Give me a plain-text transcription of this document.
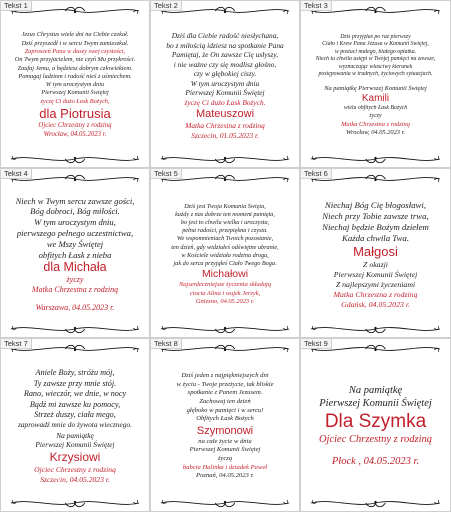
Tekst 1
Jezus Chrystus wiele dni na Ciebie czekał.
Dziś przyszedł i w sercu Twym zamieszkał.
Zaproszeń Pana w duszy swej czystości,
On Twym przyjacielem, nie czyń Mu przykrości.
Zaufaj Jemu, a będziesz dobrym człowiekiem.
Pomagaj ludziom i radość nieś z uśmiechem.
W tym uroczystym dniu
Pierwszej Komunii Świętej
życzę Ci dużo Łask Bożych,
dla Piotrusia
Ojciec Chrzestny z rodziną
Wrocław, 04.05.2023 r.
Tekst 2
Dziś dla Ciebie radość niesłychana,
bo z miłością idziesz na spotkanie Pana
Pamiętaj, że On zawsze Cię usłyszy,
i nie ważne czy się modlisz głośno,
czy w głębokiej ciszy.
W tym uroczystym dniu
Pierwszej Komunii Świętej
życzę Ci dużo Łask Bożych.
Mateuszowi
Matka Chrzestna z rodziną
Szczecin, 01.05.2023 r.
Tekst 3
Dziś przyjęłaś po raz pierwszy
Ciało i Krew Pana Jezusa w Komunii Świętej,
w postaci małego, białego opłatka.
Niech ta chwila ustępi w Twojej pamięci na zawsze,
wyznaczając właściwy kierunek
postępowania w trudnych, życiowych sytuacjach.
Na pamiątkę Pierwszej Komunii Świętej
Kamili
wielu obfitych Łask Bożych
życzy
Matka Chrzestna z rodziną
Wrocław, 04.05.2023 r.
Tekst 4
Niech w Twym sercu zawsze gości,
Bóg dobroci, Bóg miłości.
W tym uroczystym dniu,
pierwszego pełnego uczestnictwa,
we Mszy Świętej
obfitych Łask z nieba
dla Michała
życzy
Matka Chrzestna z rodziną
Warszawa, 04.05.2023 r.
Tekst 5
Dziś jest Twoja Komunia Święta,
każdy z nas dobrze ten moment pamięta,
bo jest to chwila wielka i uroczysta,
pełna radości, przepiękna i czysta.
We wspomnieniach Twoich pozostanie,
ten dzień, gdy widziałeś odświętne ubranie,
w Kościele widziała rodzina droga,
jak do serca przyjąłeś Ciało Twego Boga.
Michałowi
Najserdeczniejsze życzenia składają
ciocia Alina i wujek Jerzyk,
Gniezno, 04.05.2023 r.
Tekst 6
Niechaj Bóg Cię błogosławi,
Niech przy Tobie zawsze trwa,
Niechaj będzie Bożym dziełem
Każda chwila Twa.
Małgosi
Z okazji
Pierwszej Komunii Świętej
Z najlepszymi życzeniami
Matka Chrzestna z rodziną
Gdańsk, 04.05.2023 r.
Tekst 7
Aniele Boży, stróżu mój,
Ty zawsze przy mnie stój.
Rano, wieczór, we dnie, w nocy
Bądź mi zawsze ku pomocy,
Strzeż duszy, ciała mego,
zaprowadź mnie do żywota wiecznego.
Na pamiątkę
Pierwszej Komunii Świętej
Krzysiowi
Ojciec Chrzestny z rodziną
Szczecin, 04.05.2023 r.
Tekst 8
Dziś jeden z najpiękniejszych dni
w życiu - Twoje przeżycie, tak bliskie
spotkanie z Panem Jezusem.
Zachowaj ten dzień
głęboko w pamięci i w sercu!
Obfitych Łask Bożych
Szymonowi
na całe życie w dniu
Pierwszej Komunii Świętej
życzą
babcia Halinka i dziadek Paweł
Poznań, 04.05.2023 r.
Tekst 9
Na pamiątkę
Pierwszej Komunii Świętej
Dla Szymka
Ojciec Chrzestny z rodziną
Płock , 04.05.2023 r.
